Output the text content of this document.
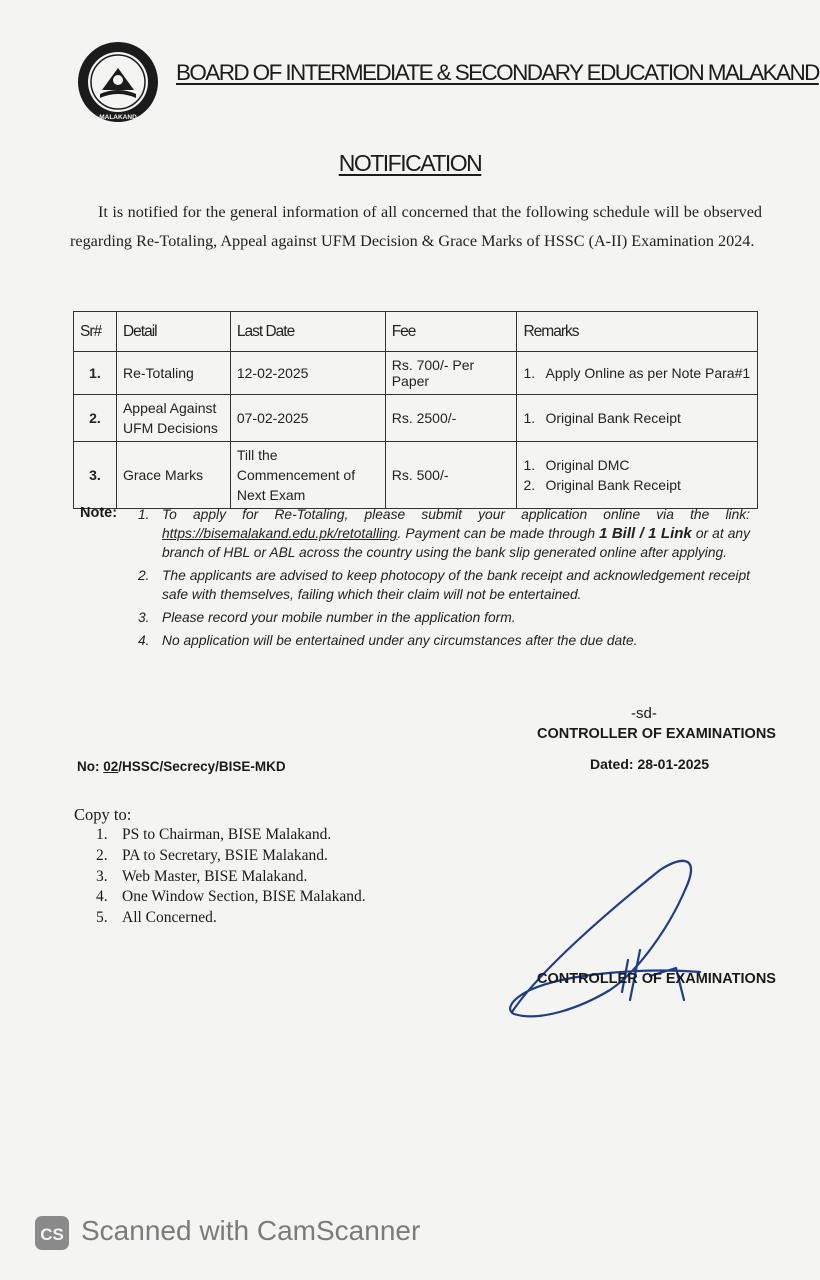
MALAKAND
BOARD OF INTERMEDIATE & SECONDARY EDUCATION MALAKAND
NOTIFICATION

It is notified for the general information of all concerned that the following schedule will be observed regarding Re-Totaling, Appeal against UFM Decision & Grace Marks of HSSC (A-II) Examination 2024.

Sr#	Detail	Last Date	Fee	Remarks
1.	Re-Totaling	12-02-2025	Rs. 700/- Per Paper	1. Apply Online as per Note Para#1

2.	Appeal Against UFM Decisions	07-02-2025	Rs. 2500/-	1. Original Bank Receipt

3.	Grace Marks	Till the Commencement of Next Exam	Rs. 500/-	1. Original DMC
2. Original Bank Receipt
Note: 1. To apply for Re-Totaling, please submit your application online via the link: https://bisemalakand.edu.pk/retotalling. Payment can be made through 1 Bill / 1 Link or at any branch of HBL or ABL across the country using the bank slip generated online after applying.
2. The applicants are advised to keep photocopy of the bank receipt and acknowledgement receipt safe with themselves, failing which their claim will not be entertained.
3. Please record your mobile number in the application form.
4. No application will be entertained under any circumstances after the due date.
-sd-
CONTROLLER OF EXAMINATIONS
Dated: 28-01-2025
No: 02/HSSC/Secrecy/BISE-MKD
Copy to:
1. PS to Chairman, BISE Malakand.
2. PA to Secretary, BSIE Malakand.
3. Web Master, BISE Malakand.
4. One Window Section, BISE Malakand.
5. All Concerned.
CONTROLLER OF EXAMINATIONS
CS Scanned with CamScanner
